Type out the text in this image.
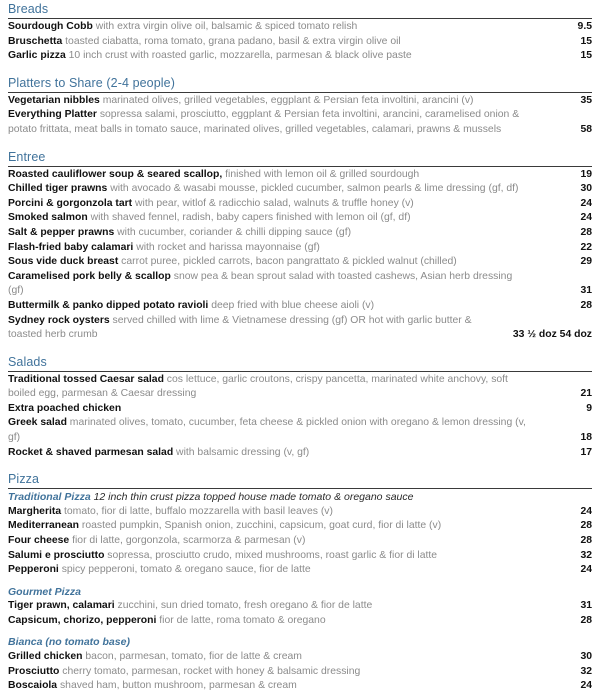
Breads
Sourdough Cobb with extra virgin olive oil, balsamic & spiced tomato relish	9.5
Bruschetta toasted ciabatta, roma tomato, grana padano, basil & extra virgin olive oil	15
Garlic pizza 10 inch crust with roasted garlic, mozzarella, parmesan & black olive paste	15
Platters to Share (2-4 people)
Vegetarian nibbles marinated olives, grilled vegetables, eggplant & Persian feta involtini, arancini (v)	35
Everything Platter sopressa salami, prosciutto, eggplant & Persian feta involtini, arancini, caramelised onion & potato frittata, meat balls in tomato sauce, marinated olives, grilled vegetables, calamari, prawns & mussels	58
Entree
Roasted cauliflower soup & seared scallop, finished with lemon oil & grilled sourdough	19
Chilled tiger prawns with avocado & wasabi mousse, pickled cucumber, salmon pearls & lime dressing (gf, df)	30
Porcini & gorgonzola tart with pear, witlof & radicchio salad, walnuts & truffle honey (v)	24
Smoked salmon with shaved fennel, radish, baby capers finished with lemon oil (gf, df)	24
Salt & pepper prawns with cucumber, coriander & chilli dipping sauce (gf)	28
Flash-fried baby calamari with rocket and harissa mayonnaise (gf)	22
Sous vide duck breast carrot puree, pickled carrots, bacon pangrattato & pickled walnut (chilled)	29
Caramelised pork belly & scallop snow pea & bean sprout salad with toasted cashews, Asian herb dressing (gf)	31
Buttermilk & panko dipped potato ravioli deep fried with blue cheese aioli (v)	28
Sydney rock oysters served chilled with lime & Vietnamese dressing (gf) OR hot with garlic butter & toasted herb crumb	33 ½ doz 54 doz
Salads
Traditional tossed Caesar salad cos lettuce, garlic croutons, crispy pancetta, marinated white anchovy, soft boiled egg, parmesan & Caesar dressing	21
Extra poached chicken	9
Greek salad marinated olives, tomato, cucumber, feta cheese & pickled onion with oregano & lemon dressing (v, gf)	18
Rocket & shaved parmesan salad with balsamic dressing (v, gf)	17
Pizza
Traditional Pizza 12 inch thin crust pizza topped house made tomato & oregano sauce
Margherita tomato, fior di latte, buffalo mozzarella with basil leaves (v)	24
Mediterranean roasted pumpkin, Spanish onion, zucchini, capsicum, goat curd, fior di latte (v)	28
Four cheese fior di latte, gorgonzola, scarmorza & parmesan (v)	28
Salumi e prosciutto sopressa, prosciutto crudo, mixed mushrooms, roast garlic & fior di latte	32
Pepperoni spicy pepperoni, tomato & oregano sauce, fior de latte	24
Gourmet Pizza
Tiger prawn, calamari zucchini, sun dried tomato, fresh oregano & fior de latte	31
Capsicum, chorizo, pepperoni fior de latte, roma tomato & oregano	28
Bianca (no tomato base)
Grilled chicken bacon, parmesan, tomato, fior de latte & cream	30
Prosciutto cherry tomato, parmesan, rocket with honey & balsamic dressing	32
Boscaiola shaved ham, button mushroom, parmesan & cream	24
